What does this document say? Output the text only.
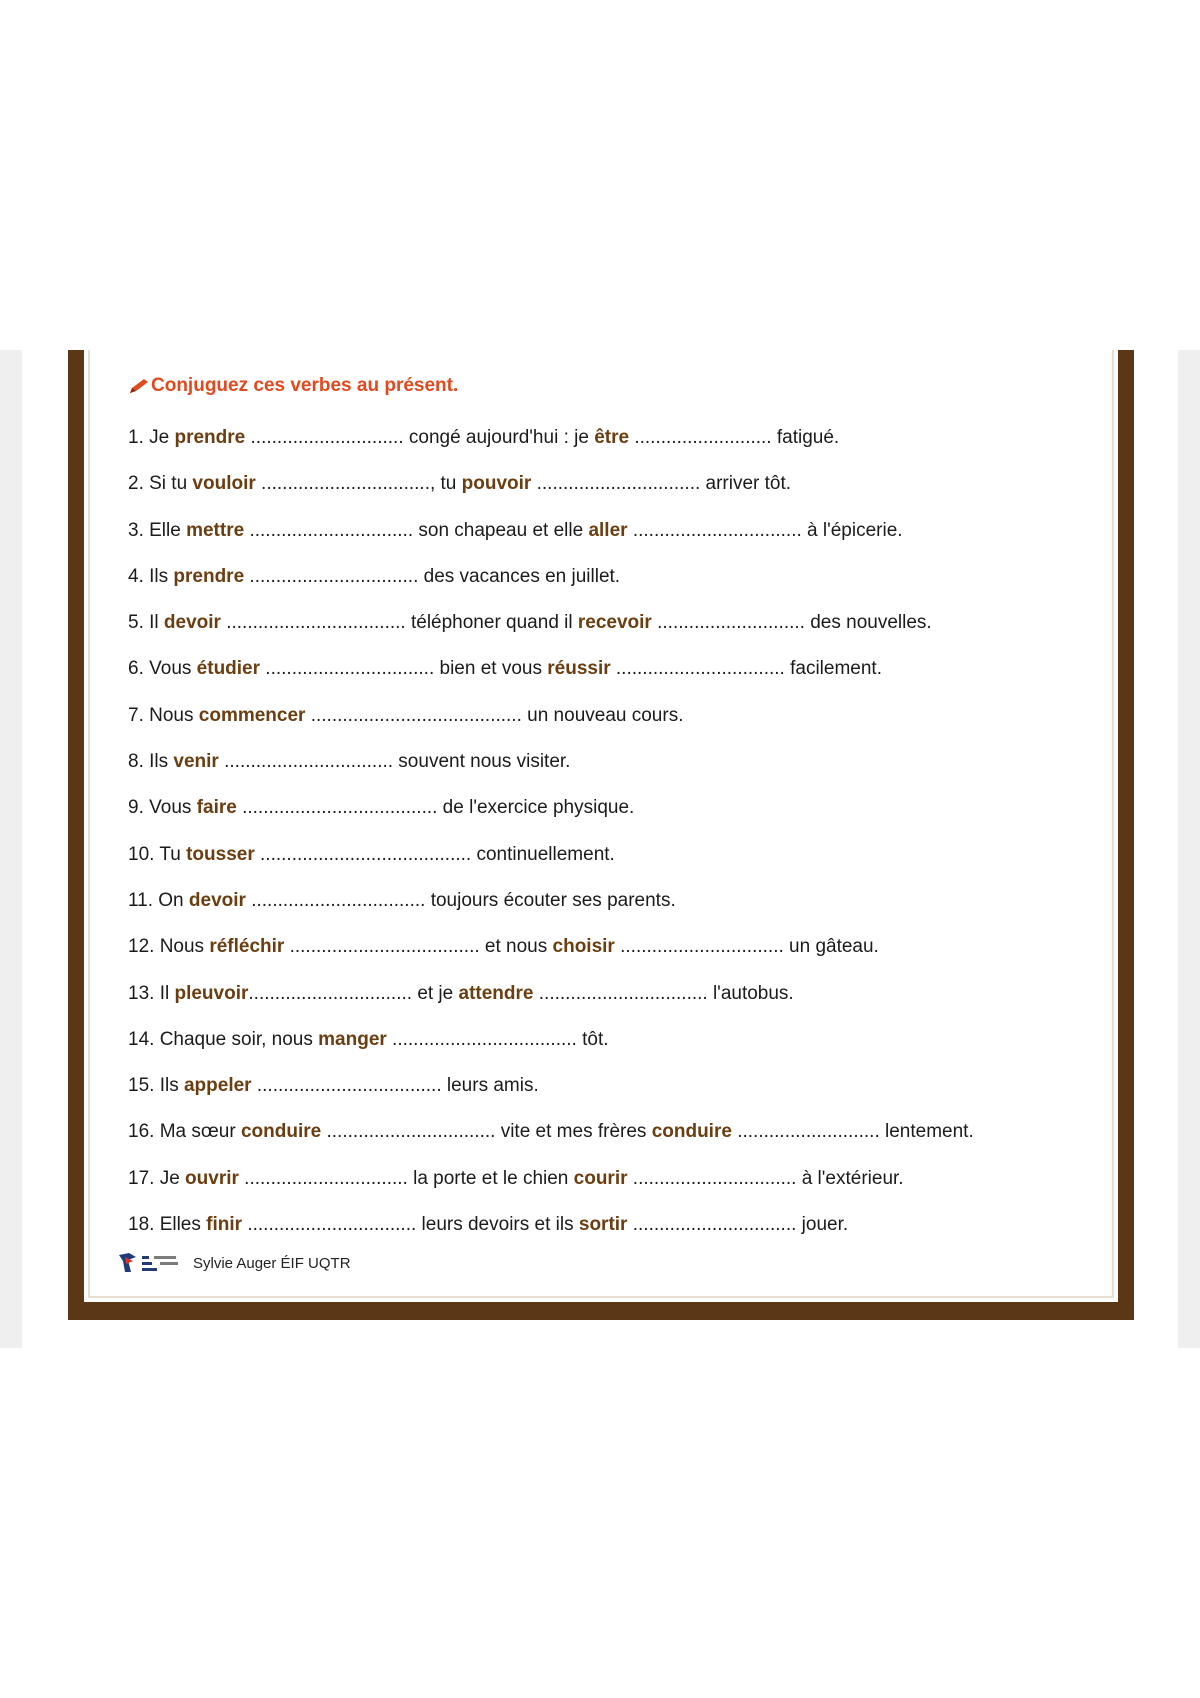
Conjuguez ces verbes au présent.
1. Je prendre ............................. congé aujourd'hui : je être .......................... fatigué.
2. Si tu vouloir ................................, tu pouvoir ............................... arriver tôt.
3. Elle mettre ............................... son chapeau et elle aller ................................ à l'épicerie.
4. Ils prendre ................................ des vacances en juillet.
5. Il devoir .................................. téléphoner quand il recevoir ............................ des nouvelles.
6. Vous étudier ................................ bien et vous réussir ................................ facilement.
7. Nous commencer ........................................ un nouveau cours.
8. Ils venir ................................ souvent nous visiter.
9. Vous faire ..................................... de l'exercice physique.
10. Tu tousser ........................................ continuellement.
11. On devoir ................................. toujours écouter ses parents.
12. Nous réfléchir .................................... et nous choisir ............................... un gâteau.
13. Il pleuvoir............................... et je attendre ................................ l'autobus.
14. Chaque soir, nous manger ................................... tôt.
15. Ils appeler ................................... leurs amis.
16. Ma sœur conduire ................................ vite et mes frères conduire ........................... lentement.
17. Je ouvrir ............................... la porte et le chien courir ............................... à l'extérieur.
18. Elles finir ................................ leurs devoirs et ils sortir ............................... jouer.
Sylvie Auger ÉIF UQTR
